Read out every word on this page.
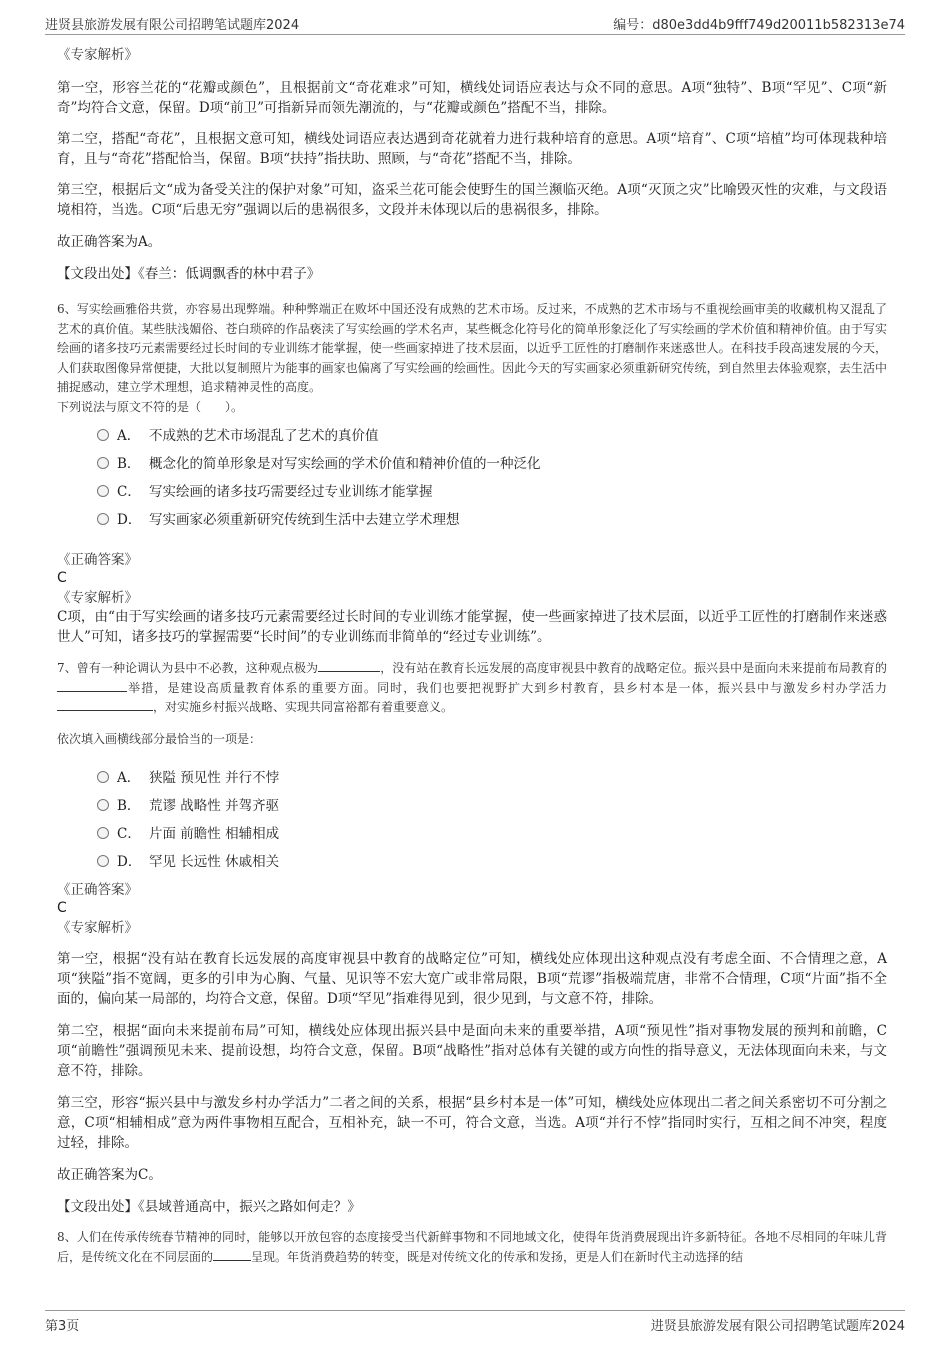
进贤县旅游发展有限公司招聘笔试题库2024	编号：d80e3dd4b9fff749d20011b582313e74
《专家解析》

第一空，形容兰花的“花瓣或颜色”，且根据前文“奇花难求”可知，横线处词语应表达与众不同的意思。A项“独特”、B项“罕见”、C项“新奇”均符合文意，保留。D项“前卫”可指新异而领先潮流的，与“花瓣或颜色”搭配不当，排除。

第二空，搭配“奇花”，且根据文意可知，横线处词语应表达遇到奇花就着力进行栽种培育的意思。A项“培育”、C项“培植”均可体现栽种培育，且与“奇花”搭配恰当，保留。B项“扶持”指扶助、照顾，与“奇花”搭配不当，排除。

第三空，根据后文“成为备受关注的保护对象”可知，盗采兰花可能会使野生的国兰濒临灭绝。A项“灭顶之灾”比喻毁灭性的灾难，与文段语境相符，当选。C项“后患无穷”强调以后的患祸很多，文段并未体现以后的患祸很多，排除。

故正确答案为A。

【文段出处】《春兰：低调飘香的林中君子》

6、写实绘画雅俗共赏，亦容易出现弊端。种种弊端正在败坏中国还没有成熟的艺术市场。反过来，不成熟的艺术市场与不重视绘画审美的收藏机构又混乱了艺术的真价值。某些肤浅媚俗、苍白琐碎的作品亵渎了写实绘画的学术名声，某些概念化符号化的简单形象泛化了写实绘画的学术价值和精神价值。由于写实绘画的诸多技巧元素需要经过长时间的专业训练才能掌握，使一些画家掉进了技术层面，以近乎工匠性的打磨制作来迷惑世人。在科技手段高速发展的今天，人们获取图像异常便捷，大批以复制照片为能事的画家也偏离了写实绘画的绘画性。因此今天的写实画家必须重新研究传统，到自然里去体验观察，去生活中捕捉感动，建立学术理想，追求精神灵性的高度。

下列说法与原文不符的是（　　）。

A． 不成熟的艺术市场混乱了艺术的真价值
B． 概念化的简单形象是对写实绘画的学术价值和精神价值的一种泛化
C． 写实绘画的诸多技巧需要经过专业训练才能掌握
D． 写实画家必须重新研究传统到生活中去建立学术理想
《正确答案》
C
《专家解析》

C项，由“由于写实绘画的诸多技巧元素需要经过长时间的专业训练才能掌握，使一些画家掉进了技术层面，以近乎工匠性的打磨制作来迷惑世人”可知，诸多技巧的掌握需要“长时间”的专业训练而非简单的“经过专业训练”。

7、曾有一种论调认为县中不必教，这种观点极为	，没有站在教育长远发展的高度审视县中教育的战略定位。振兴县中是面向未来提前布局教育的举措，是建设高质量教育体系的重要方面。同时，我们也要把视野扩大到乡村教育，县乡村本是一体，振兴县中与激发乡村办学活力，对实施乡村振兴战略、实现共同富裕都有着重要意义。

依次填入画横线部分最恰当的一项是：

A． 狭隘 预见性 并行不悖
B． 荒谬 战略性 并驾齐驱
C． 片面 前瞻性 相辅相成
D． 罕见 长远性 休戚相关
《正确答案》
C
《专家解析》

第一空，根据“没有站在教育长远发展的高度审视县中教育的战略定位”可知，横线处应体现出这种观点没有考虑全面、不合情理之意，A项“狭隘”指不宽阔，更多的引申为心胸、气量、见识等不宏大宽广或非常局限，B项“荒谬”指极端荒唐，非常不合情理，C项“片面”指不全面的，偏向某一局部的，均符合文意，保留。D项“罕见”指难得见到，很少见到，与文意不符，排除。

第二空，根据“面向未来提前布局”可知，横线处应体现出振兴县中是面向未来的重要举措，A项“预见性”指对事物发展的预判和前瞻，C项“前瞻性”强调预见未来、提前设想，均符合文意，保留。B项“战略性”指对总体有关键的或方向性的指导意义，无法体现面向未来，与文意不符，排除。

第三空，形容“振兴县中与激发乡村办学活力”二者之间的关系，根据“县乡村本是一体”可知，横线处应体现出二者之间关系密切不可分割之意，C项“相辅相成”意为两件事物相互配合，互相补充，缺一不可，符合文意，当选。A项“并行不悖”指同时实行，互相之间不冲突，程度过轻，排除。

故正确答案为C。

【文段出处】《县域普通高中，振兴之路如何走？》

8、人们在传承传统春节精神的同时，能够以开放包容的态度接受当代新鲜事物和不同地域文化，使得年货消费展现出许多新特征。各地不尽相同的年味儿背后，是传统文化在不同层面的	呈现。年货消费趋势的转变，既是对传统文化的传承和发扬，更是人们在新时代主动选择的结

第3页	进贤县旅游发展有限公司招聘笔试题库2024
